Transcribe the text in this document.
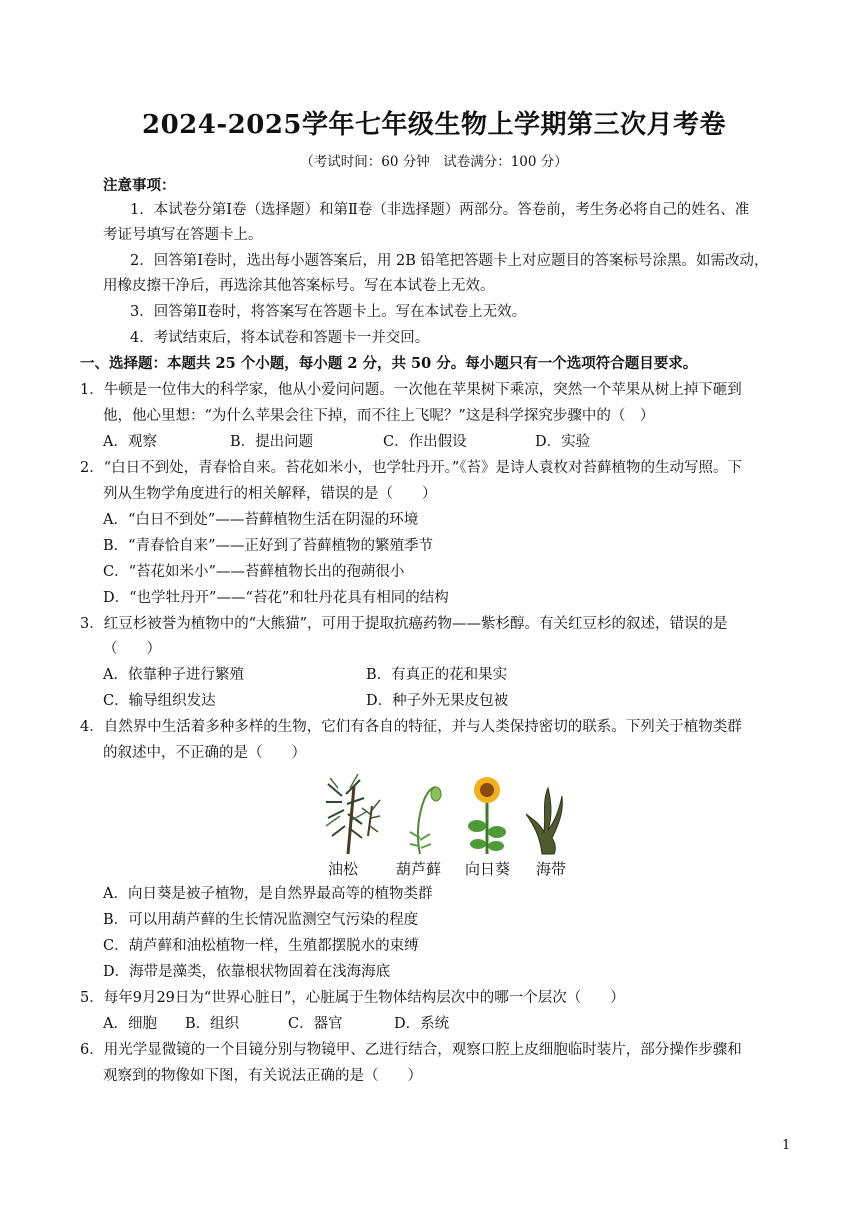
2024-2025学年七年级生物上学期第三次月考卷
（考试时间：60 分钟　试卷满分：100 分）
注意事项：
1．本试卷分第Ⅰ卷（选择题）和第Ⅱ卷（非选择题）两部分。答卷前，考生务必将自己的姓名、准
考证号填写在答题卡上。
2．回答第Ⅰ卷时，选出每小题答案后，用 2B 铅笔把答题卡上对应题目的答案标号涂黑。如需改动，
用橡皮擦干净后，再选涂其他答案标号。写在本试卷上无效。
3．回答第Ⅱ卷时，将答案写在答题卡上。写在本试卷上无效。
4．考试结束后，将本试卷和答题卡一并交回。
一、选择题：本题共 25 个小题，每小题 2 分，共 50 分。每小题只有一个选项符合题目要求。
1．牛顿是一位伟大的科学家，他从小爱问问题。一次他在苹果树下乘凉，突然一个苹果从树上掉下砸到
他，他心里想：“为什么苹果会往下掉，而不往上飞呢？”这是科学探究步骤中的（　）
A．观察	B．提出问题	C．作出假设	D．实验
2．“白日不到处，青春恰自来。苔花如米小，也学牡丹开。”《苔》是诗人袁枚对苔藓植物的生动写照。下
列从生物学角度进行的相关解释，错误的是（　　）
A．“白日不到处”——苔藓植物生活在阴湿的环境
B．“青春恰自来”——正好到了苔藓植物的繁殖季节
C．“苔花如米小”——苔藓植物长出的孢蒴很小
D．“也学牡丹开”——“苔花”和牡丹花具有相同的结构
3．红豆杉被誉为植物中的“大熊猫”，可用于提取抗癌药物——紫杉醇。有关红豆杉的叙述，错误的是
（　　）
A．依靠种子进行繁殖	B．有真正的花和果实
C．输导组织发达	D．种子外无果皮包被
4．自然界中生活着多种多样的生物，它们有各自的特征，并与人类保持密切的联系。下列关于植物类群
的叙述中，不正确的是（　　）
油松	葫芦藓 向日葵 海带
A．向日葵是被子植物，是自然界最高等的植物类群
B．可以用葫芦藓的生长情况监测空气污染的程度
C．葫芦藓和油松植物一样，生殖都摆脱水的束缚
D．海带是藻类，依靠根状物固着在浅海海底
5．每年9月29日为“世界心脏日”，心脏属于生物体结构层次中的哪一个层次（　　）
A．细胞 B．组织	C．器官	D．系统
6．用光学显微镜的一个目镜分别与物镜甲、乙进行结合，观察口腔上皮细胞临时装片，部分操作步骤和
观察到的物像如下图，有关说法正确的是（　　）
1
